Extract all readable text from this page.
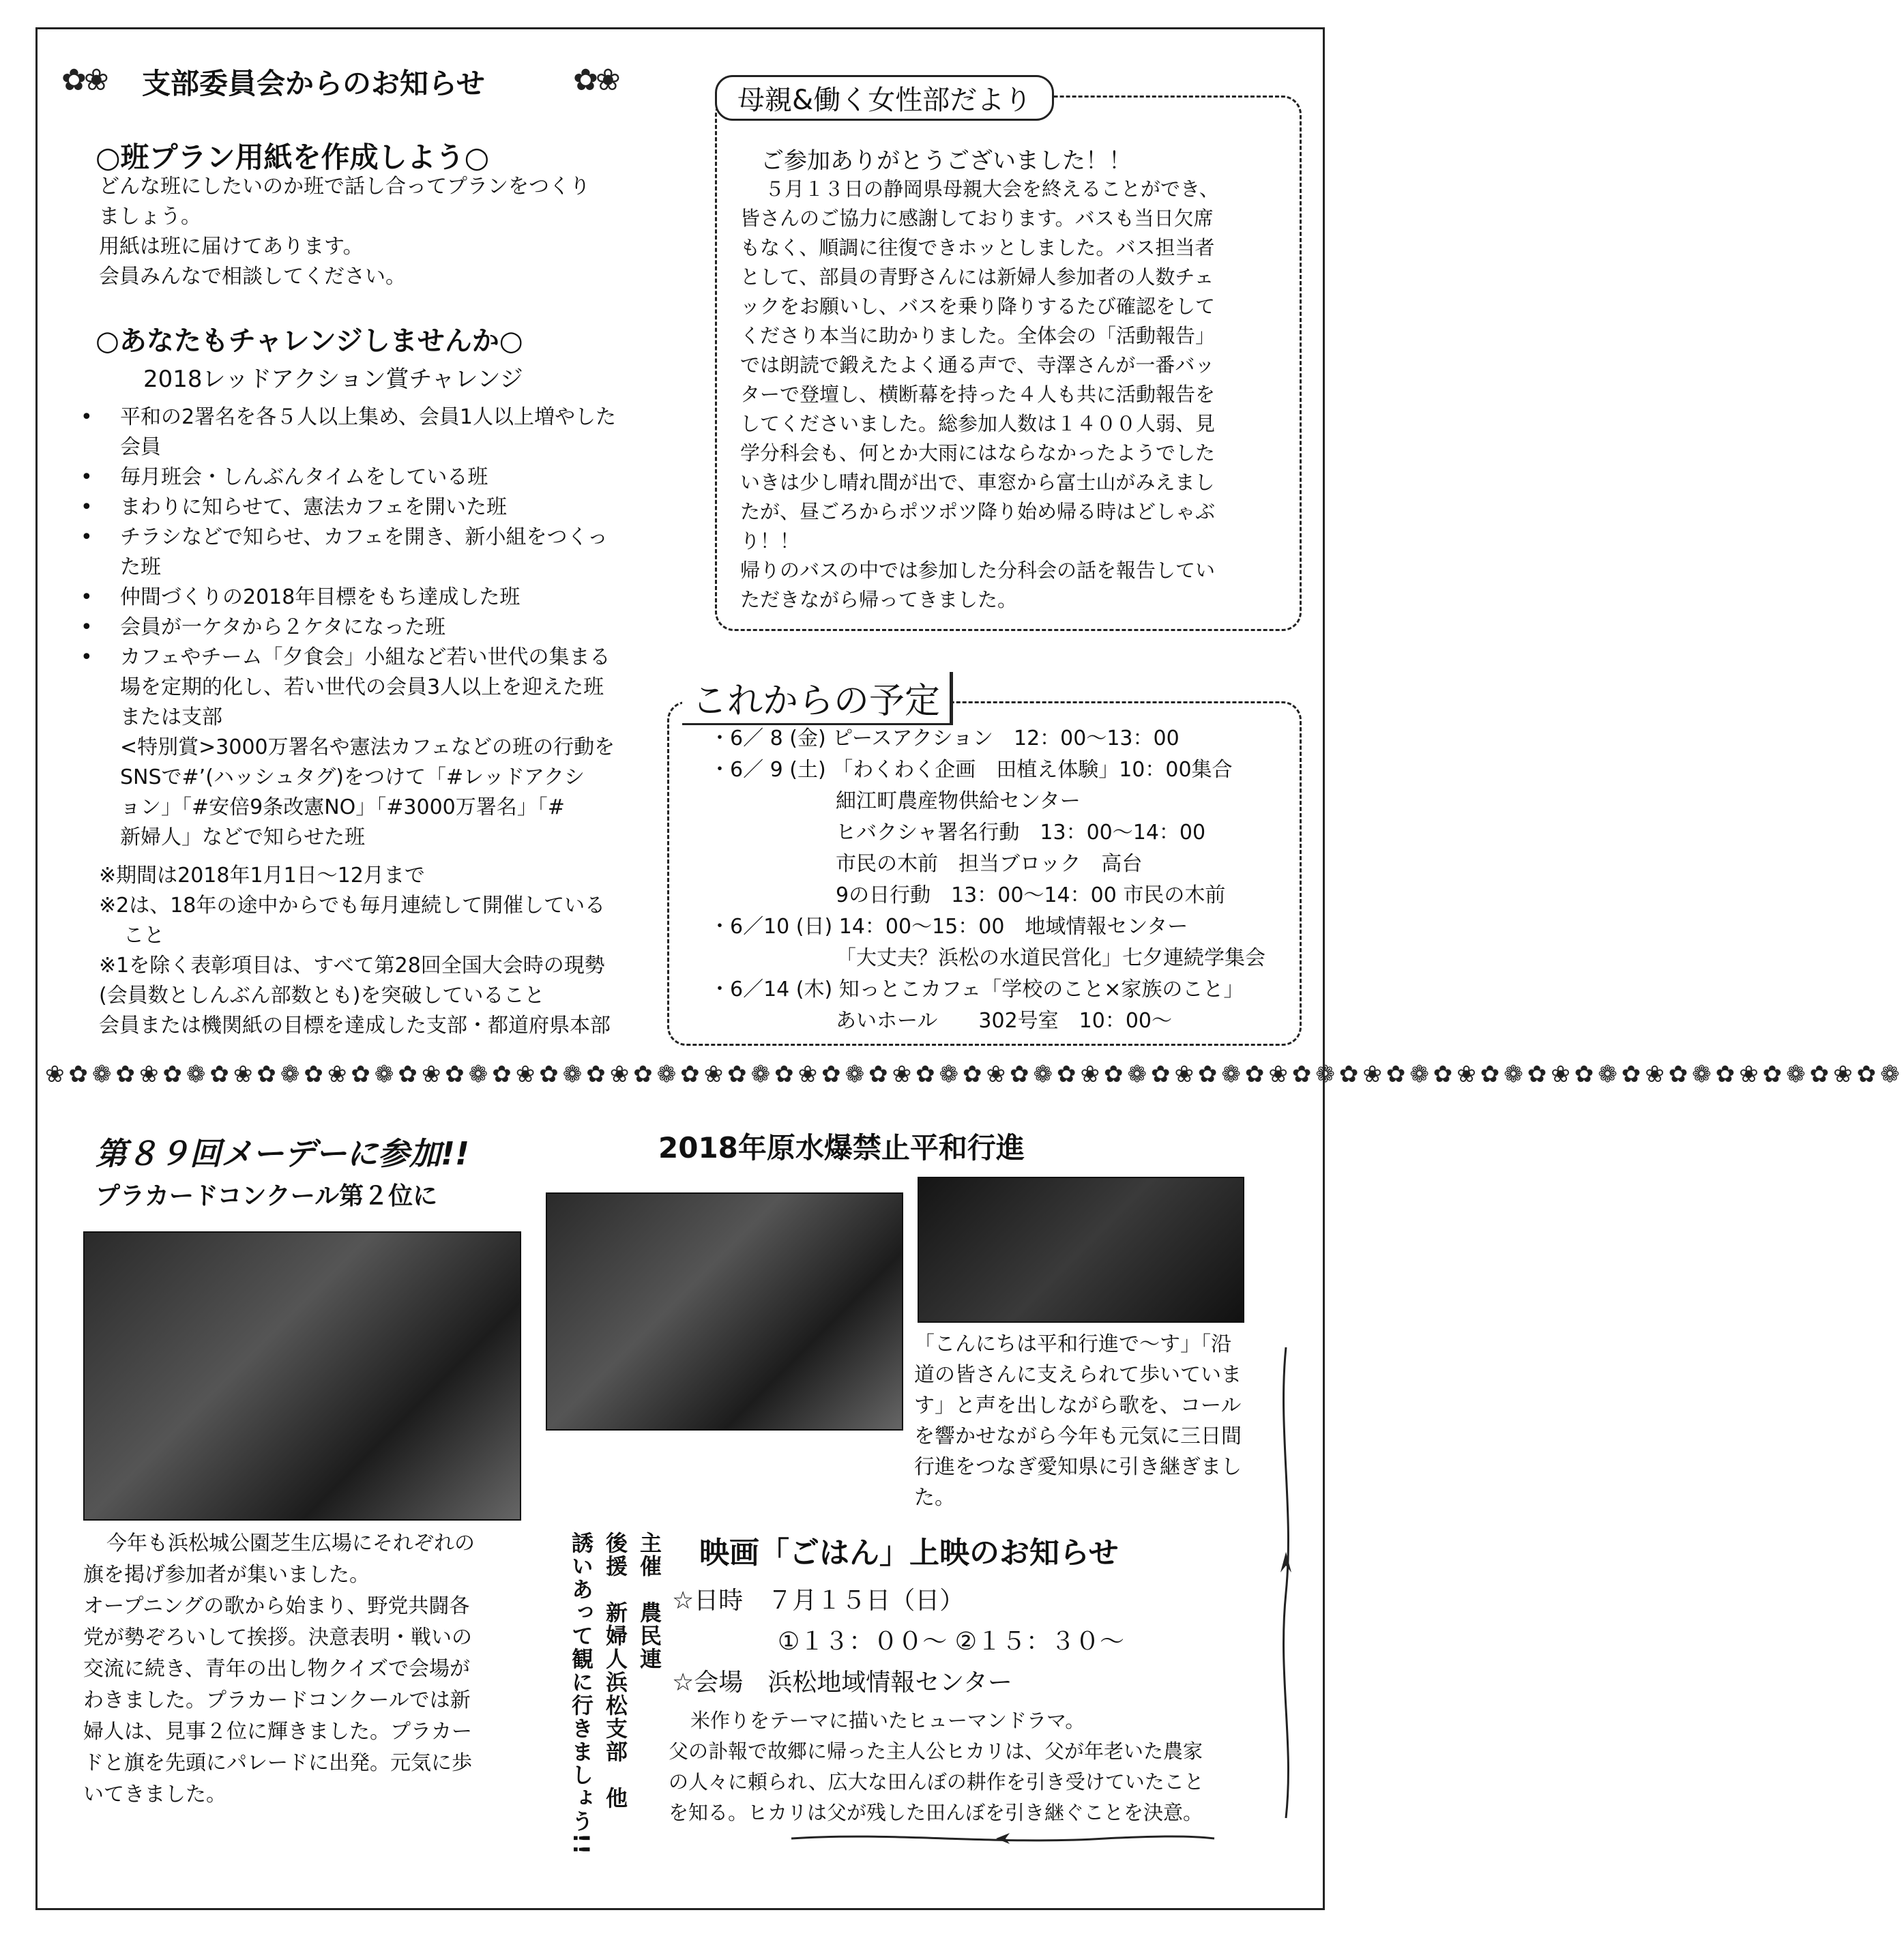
✿❀ 支部委員会からのお知らせ	✿❀
○班プラン用紙を作成しよう○
どんな班にしたいのか班で話し合ってプランをつくり
ましょう。
用紙は班に届けてあります。
会員みんなで相談してください。
○あなたもチャレンジしませんか○
2018レッドアクション賞チャレンジ
• 平和の2署名を各５人以上集め、会員1人以上増やした
会員
• 毎月班会・しんぶんタイムをしている班
• まわりに知らせて、憲法カフェを開いた班
• チラシなどで知らせ、カフェを開き、新小組をつくっ
た班
• 仲間づくりの2018年目標をもち達成した班
• 会員が一ケタから２ケタになった班
• カフェやチーム「夕食会」小組など若い世代の集まる
場を定期的化し、若い世代の会員3人以上を迎えた班
または支部
<特別賞>3000万署名や憲法カフェなどの班の行動を
SNSで#’(ハッシュタグ)をつけて「#レッドアクシ
ョン」「#安倍9条改憲NO」「#3000万署名」「#
新婦人」などで知らせた班
※期間は2018年1月1日〜12月まで
※2は、18年の途中からでも毎月連続して開催している
こと
※1を除く表彰項目は、すべて第28回全国大会時の現勢
(会員数としんぶん部数とも)を突破していること
会員または機関紙の目標を達成した支部・都道府県本部
母親&働く女性部だより
ご参加ありがとうございました！！
５月１３日の静岡県母親大会を終えることができ、
皆さんのご協力に感謝しております。バスも当日欠席
もなく、順調に往復できホッとしました。バス担当者
として、部員の青野さんには新婦人参加者の人数チェ
ックをお願いし、バスを乗り降りするたび確認をして
くださり本当に助かりました。全体会の「活動報告」
では朗読で鍛えたよく通る声で、寺澤さんが一番バッ
ターで登壇し、横断幕を持った４人も共に活動報告を
してくださいました。総参加人数は１４００人弱、見
学分科会も、何とか大雨にはならなかったようでした
いきは少し晴れ間が出で、車窓から富士山がみえまし
たが、昼ごろからポツポツ降り始め帰る時はどしゃぶ
り！！
帰りのバスの中では参加した分科会の話を報告してい
ただきながら帰ってきました。
これからの予定
・6／ 8 (金) ピースアクション　12：00〜13：00
・6／ 9 (土) 「わくわく企画　田植え体験」10：00集合
細江町農産物供給センター
ヒバクシャ署名行動　13：00〜14：00
市民の木前　担当ブロック　高台
9の日行動　13：00〜14：00 市民の木前
・6／10 (日) 14：00〜15：00　地域情報センター
「大丈夫？浜松の水道民営化」七夕連続学集会
・6／14 (木) 知っとこカフェ「学校のこと×家族のこと」
あいホール　　302号室　10：00〜
❀✿❁✿❀✿❁✿❀✿❁✿❀✿❁✿❀✿❁✿❀✿❁✿❀✿❁✿❀✿❁✿❀✿❁✿❀✿❁✿❀✿❁✿❀✿❁✿❀✿❁✿❀✿❁✿❀✿❁✿❀✿❁✿❀✿❁✿❀✿❁✿❀✿❁✿❀✿❁
第８９回メーデーに参加!!
プラカードコンクール第２位に
今年も浜松城公園芝生広場にそれぞれの
旗を掲げ参加者が集いました。
オープニングの歌から始まり、野党共闘各
党が勢ぞろいして挨拶。決意表明・戦いの
交流に続き、青年の出し物クイズで会場が
わきました。プラカードコンクールでは新
婦人は、見事２位に輝きました。プラカー
ドと旗を先頭にパレードに出発。元気に歩
いてきました。
2018年原水爆禁止平和行進
「こんにちは平和行進で〜す」「沿
道の皆さんに支えられて歩いていま
す」と声を出しながら歌を、コール
を響かせながら今年も元気に三日間
行進をつなぎ愛知県に引き継ぎまし
た。
主催　農民連
後援　新婦人浜松支部　他
誘いあって観に行きましょう!!	映画「ごはん」上映のお知らせ
☆日時　７月１５日（日）
①１３：００〜 ②１５：３０〜
☆会場　浜松地域情報センター
米作りをテーマに描いたヒューマンドラマ。
父の訃報で故郷に帰った主人公ヒカリは、父が年老いた農家
の人々に頼られ、広大な田んぼの耕作を引き受けていたこと
を知る。ヒカリは父が残した田んぼを引き継ぐことを決意。
